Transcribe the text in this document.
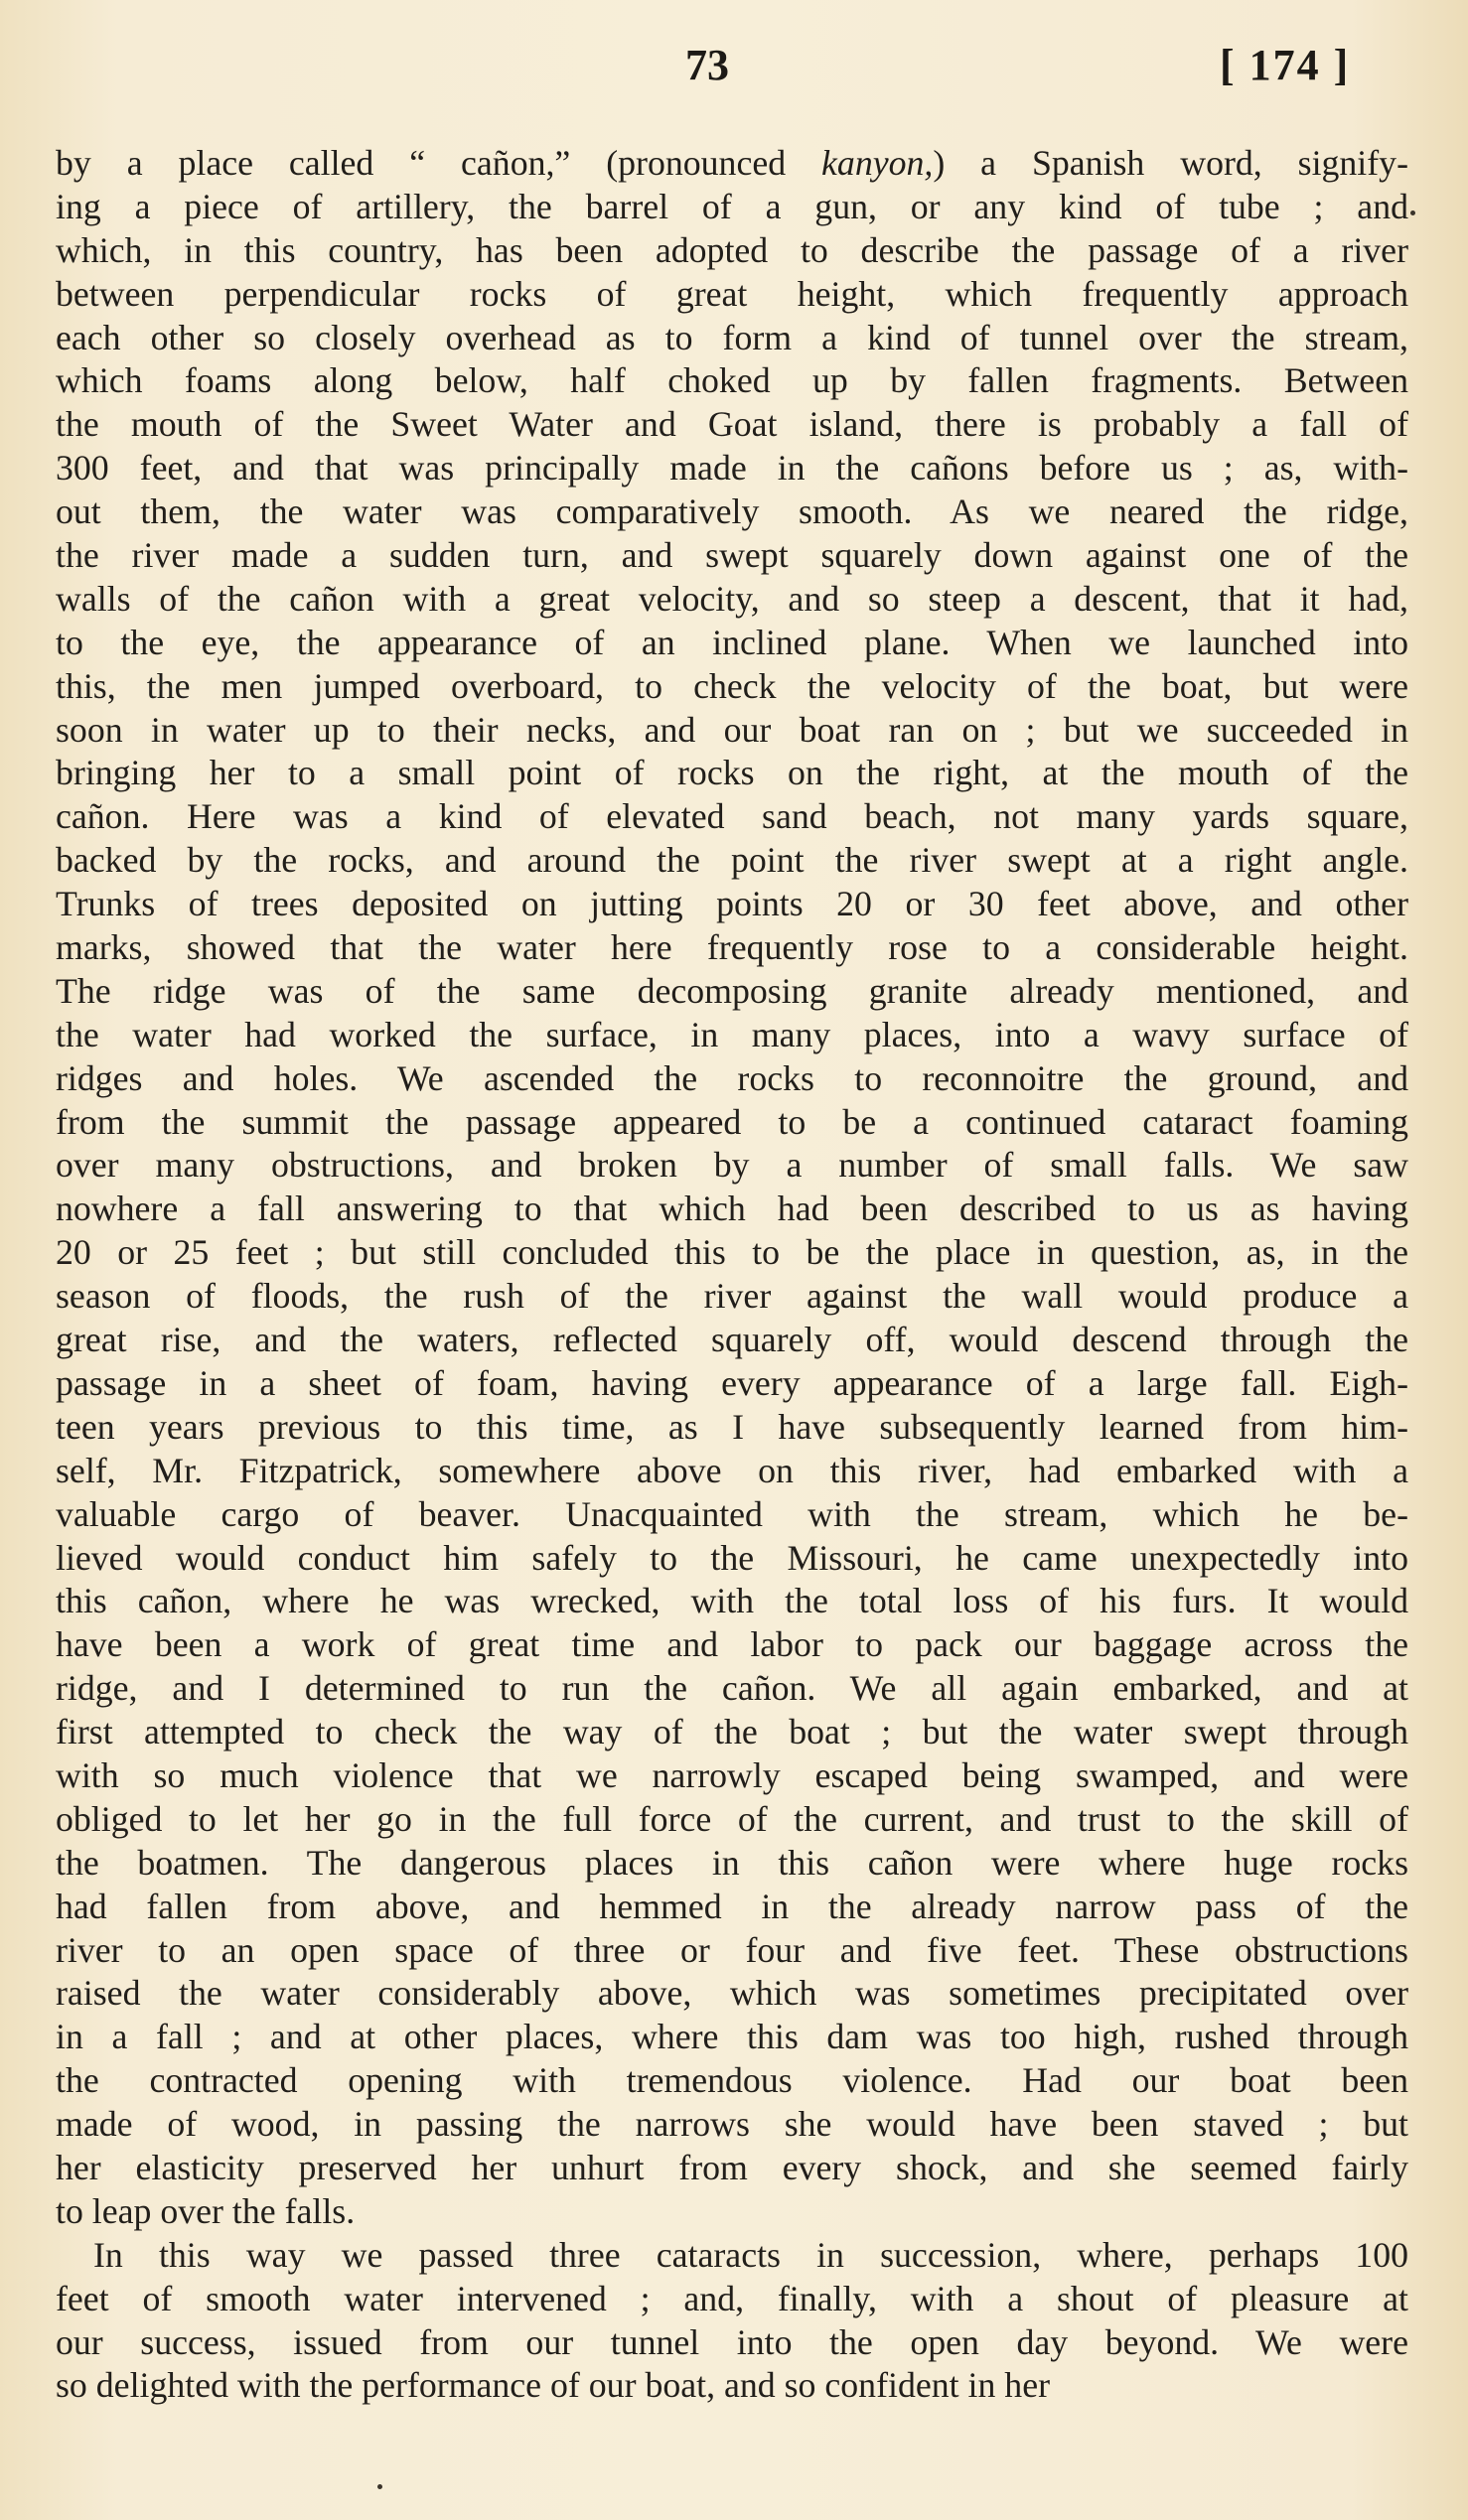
73	[ 174 ]
by a place called “ cañon,” (pronounced kanyon,) a Spanish word, signify-
ing a piece of artillery, the barrel of a gun, or any kind of tube ; and
which, in this country, has been adopted to describe the passage of a river
between perpendicular rocks of great height, which frequently approach
each other so closely overhead as to form a kind of tunnel over the stream,
which foams along below, half choked up by fallen fragments. Between
the mouth of the Sweet Water and Goat island, there is probably a fall of
300 feet, and that was principally made in the cañons before us ; as, with-
out them, the water was comparatively smooth. As we neared the ridge,
the river made a sudden turn, and swept squarely down against one of the
walls of the cañon with a great velocity, and so steep a descent, that it had,
to the eye, the appearance of an inclined plane. When we launched into
this, the men jumped overboard, to check the velocity of the boat, but were
soon in water up to their necks, and our boat ran on ; but we succeeded in
bringing her to a small point of rocks on the right, at the mouth of the
cañon. Here was a kind of elevated sand beach, not many yards square,
backed by the rocks, and around the point the river swept at a right angle.
Trunks of trees deposited on jutting points 20 or 30 feet above, and other
marks, showed that the water here frequently rose to a considerable height.
The ridge was of the same decomposing granite already mentioned, and
the water had worked the surface, in many places, into a wavy surface of
ridges and holes. We ascended the rocks to reconnoitre the ground, and
from the summit the passage appeared to be a continued cataract foaming
over many obstructions, and broken by a number of small falls. We saw
nowhere a fall answering to that which had been described to us as having
20 or 25 feet ; but still concluded this to be the place in question, as, in the
season of floods, the rush of the river against the wall would produce a
great rise, and the waters, reflected squarely off, would descend through the
passage in a sheet of foam, having every appearance of a large fall. Eigh-
teen years previous to this time, as I have subsequently learned from him-
self, Mr. Fitzpatrick, somewhere above on this river, had embarked with a
valuable cargo of beaver. Unacquainted with the stream, which he be-
lieved would conduct him safely to the Missouri, he came unexpectedly into
this cañon, where he was wrecked, with the total loss of his furs. It would
have been a work of great time and labor to pack our baggage across the
ridge, and I determined to run the cañon. We all again embarked, and at
first attempted to check the way of the boat ; but the water swept through
with so much violence that we narrowly escaped being swamped, and were
obliged to let her go in the full force of the current, and trust to the skill of
the boatmen. The dangerous places in this cañon were where huge rocks
had fallen from above, and hemmed in the already narrow pass of the
river to an open space of three or four and five feet. These obstructions
raised the water considerably above, which was sometimes precipitated over
in a fall ; and at other places, where this dam was too high, rushed through
the contracted opening with tremendous violence. Had our boat been
made of wood, in passing the narrows she would have been staved ; but
her elasticity preserved her unhurt from every shock, and she seemed fairly
to leap over the falls.
In this way we passed three cataracts in succession, where, perhaps 100
feet of smooth water intervened ; and, finally, with a shout of pleasure at
our success, issued from our tunnel into the open day beyond. We were
so delighted with the performance of our boat, and so confident in her
